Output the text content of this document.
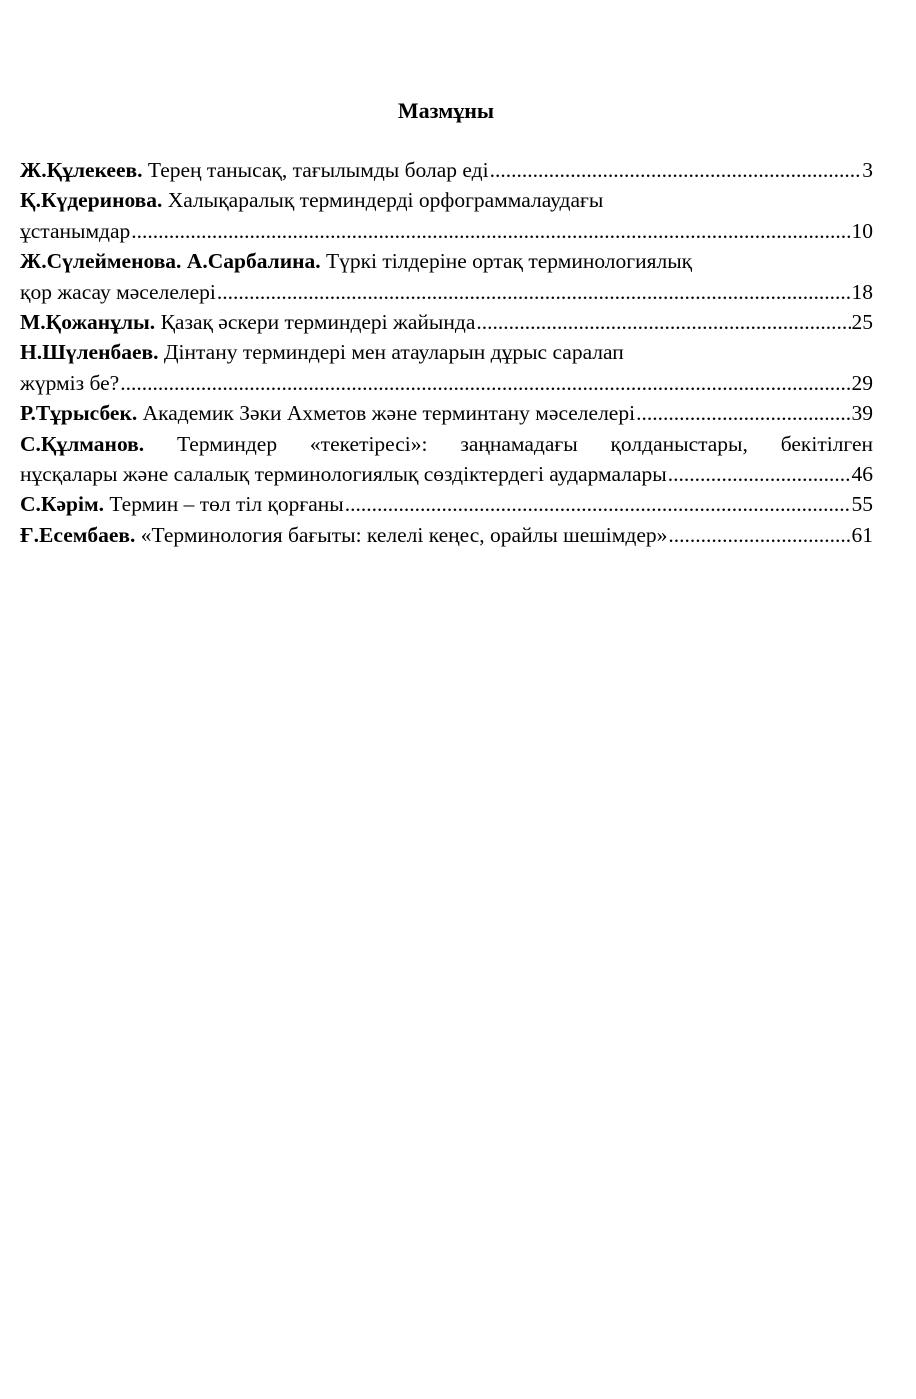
Мазмұны
Ж.Құлекеев. Терең танысақ, тағылымды болар еді .....	3
Қ.Күдеринова. Халықаралық терминдерді орфограммалаудағы
ұстанымдар .....	10
Ж.Сүлейменова. А.Сарбалина. Түркі тілдеріне ортақ терминологиялық
қор жасау мәселелері .....	18
М.Қожанұлы. Қазақ әскери терминдері жайында .....	25
Н.Шүленбаев. Дінтану терминдері мен атауларын дұрыс саралап
жүрміз бе? .....	29
Р.Тұрысбек. Академик Зәки Ахметов және терминтану мәселелері .....	39
С.Құлманов. Терминдер «текетіресі»: заңнамадағы қолданыстары, бекітілген
нұсқалары және салалық терминологиялық сөздіктердегі аудармалары .....	46
С.Кәрім. Термин – төл тіл қорғаны .....	55
Ғ.Есембаев. «Терминология бағыты: келелі кеңес, орайлы шешімдер» .....	61
